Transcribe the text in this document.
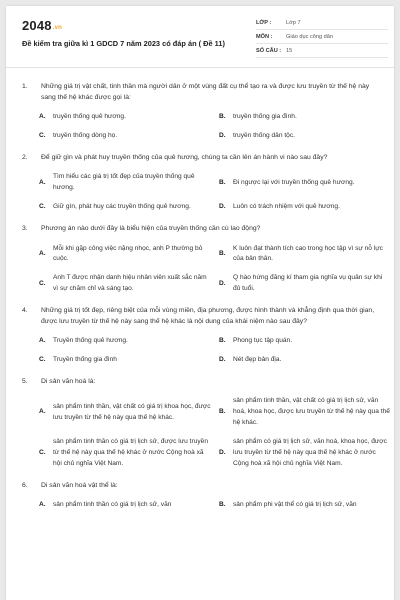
2048.vn
Đề kiểm tra giữa kì 1 GDCD 7 năm 2023 có đáp án ( Đề 11)
LỚP :	Lớp 7
MÔN :	Giáo dục công dân
SỐ CÂU : 15
1.	Những giá trị vật chất, tinh thần mà người dân ở một vùng đất cụ thể tạo ra và được lưu truyền từ thế hệ này sang thế hệ khác được gọi là:
A.	truyền thống quê hương.	B.	truyền thống gia đình.
C.	truyền thống dòng họ.	D.	truyền thống dân tộc.
2.	Để giữ gìn và phát huy truyền thống của quê hương, chúng ta cần lên án hành vi nào sau đây?
A.
Tìm hiểu các giá trị tốt đẹp của truyền thống quê hương.
B.	Đi ngược lại với truyền thống quê hương.
C.	Giữ gìn, phát huy các truyền thống quê hương.	D.	Luôn có trách nhiệm với quê hương.
3.	Phương án nào dưới đây là biểu hiện của truyền thống cần cù lao động?
A.
Mỗi khi gặp công việc nặng nhọc, anh P thường bỏ cuộc.
B.
K luôn đạt thành tích cao trong học tập vì sự nỗ lực của bản thân.
C.
Anh T được nhận danh hiệu nhân viên xuất sắc năm vì sự chăm chỉ và sáng tạo.
D.
Q hào hứng đăng kí tham gia nghĩa vụ quân sự khi đủ tuổi.
4.	Những giá trị tốt đẹp, riêng biệt của mỗi vùng miền, địa phương, được hình thành và khẳng định qua thời gian, được lưu truyền từ thế hệ này sang thế hệ khác là nội dung của khái niệm nào sau đây?
A.	Truyền thống quê hương.	B.	Phong tục tập quán.
C.	Truyền thống gia đình	D.	Nét đẹp bản địa.
5.	Di sản văn hoá là:
A.
sản phẩm tinh thần, vật chất có giá trị khoa học, được lưu truyền từ thế hệ này qua thế hệ khác.
B.
sản phẩm tinh thần, vật chất có giá trị lịch sử, văn hoá, khoa học, được lưu truyền từ thế hệ này qua thế hệ khác.
C.
sản phẩm tinh thần có giá trị lịch sử, được lưu truyền từ thế hệ này qua thế hệ khác ở nước Cộng hoà xã hội chủ nghĩa Việt Nam.
D.
sản phẩm có giá trị lịch sử, văn hoá, khoa học, được lưu truyền từ thế hệ này qua thế hệ khác ở nước Cộng hoà xã hội chủ nghĩa Việt Nam.
6.	Di sản văn hoá vật thể là:
A.	sản phẩm tinh thần có giá trị lịch sử, văn	B.	sản phẩm phi vật thể có giá trị lịch sử, văn
